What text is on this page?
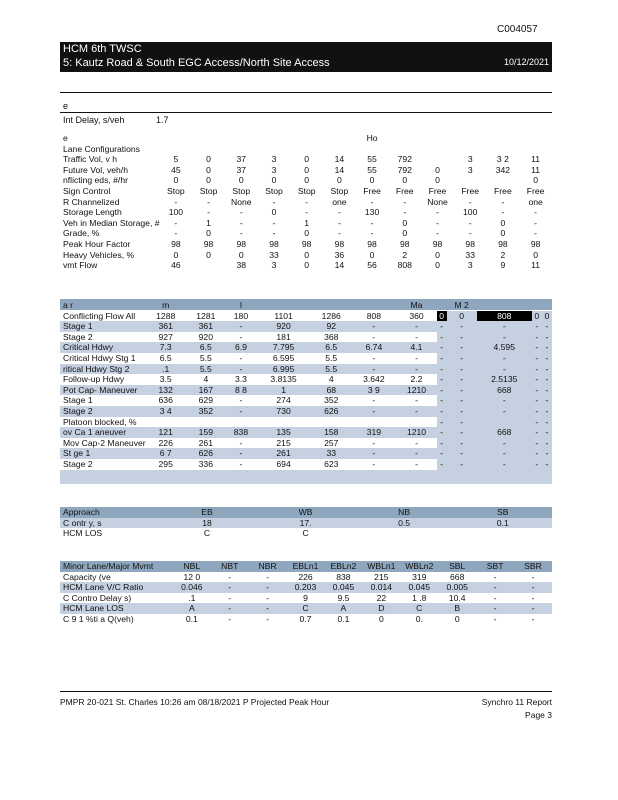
C004057
HCM 6th TWSC
5: Kautz Road & South EGC Access/North Site Access	10/12/2021
e
Int Delay, s/veh	1.7
e							Ho						
Lane Configurations													
Traffic Vol, v h	5	0	37	3	0	14	55	792		3	3 2	11	
Future Vol, veh/h	45	0	37	3	0	14	55	792	0	3	342	11	
nflicting eds, #/hr	0	0	0	0	0	0	0	0	0			0	
Sign Control	Stop	Stop	Stop	Stop	Stop	Stop	Free	Free	Free	Free	Free	Free	
R Channelized	-	-	None	-	-	one	-	-	None	-	-	one	
Storage Length	100	-	-	0	-	-	130	-	-	100	-	-	
Veh in Median Storage, #	-	1	-	-	1	-	-	0	-	-	0	-	
Grade, %	-	0	-	-	0	-	-	0	-	-	0	-	
Peak Hour Factor	98	98	98	98	98	98	98	98	98	98	98	98	
Heavy Vehicles, %	0	0	0	33	0	36	0	2	0	33	2	0	
vmt Flow	46		38	3	0	14	56	808	0	3	9	11	
a r	m		l				Ma		M 2			
Conflicting Flow All	1288	1281	180	1101	1286	808	360	0	0	808	0	0
Stage 1	361	361	-	920	92	-	-	-	-	-	-	-
Stage 2	927	920	-	181	368	-	-	-	-	-	-	-
Critical Hdwy	7.3	6.5	6.9	7.795	6.5	6.74	4.1	-	-	4.595	-	-
Critical Hdwy Stg 1	6.5	5.5	-	6.595	5.5	-	-	-	-	-	-	-
ritical Hdwy Stg 2	.1	5.5	-	6.995	5.5	-	-	-	-	-	-	-
Follow-up Hdwy	3.5	4	3.3	3.8135	4	3.642	2.2	-	-	2.5135	-	-
Pot Cap- Maneuver	132	167	8 8	1	68	3 9	1210	-	-	668	-	-
Stage 1	636	629	-	274	352	-	-	-	-	-	-	-
Stage 2	3 4	352	-	730	626	-	-	-	-	-	-	-
Platoon blocked, %								-	-		-	-
ov Ca 1 aneuver	121	159	838	135	158	319	1210	-	-	668	-	-
Mov Cap-2 Maneuver	226	261	-	215	257	-	-	-	-	-	-	-
St ge 1	6 7	626	-	261	33	-	-	-	-	-	-	-
Stage 2	295	336	-	694	623	-	-	-	-	-	-	-

Approach	EB	WB	NB	SB
C ontr y, s	18	17.	0.5	0.1
HCM LOS	C	C		
Minor Lane/Major Mvmt	NBL	NBT	NBR	EBLn1	EBLn2	WBLn1	WBLn2	SBL	SBT	SBR
Capacity (ve	12 0	-	-	226	838	215	319	668	-	-
HCM Lane V/C Ratio	0.046	-	-	0.203	0.045	0.014	0.045	0.005	-	-
C Contro Delay s)	.1	-	-	9	9.5	22	1 .8	10.4	-	-
HCM Lane LOS	A	-	-	C	A	D	C	B	-	-
C 9 1 %ti a Q(veh)	0.1	-	-	0.7	0.1	0	0.	0	-	-
PMPR 20-021 St. Charles 10:26 am 08/18/2021 P Projected Peak Hour	Synchro 11 Report
Page 3
